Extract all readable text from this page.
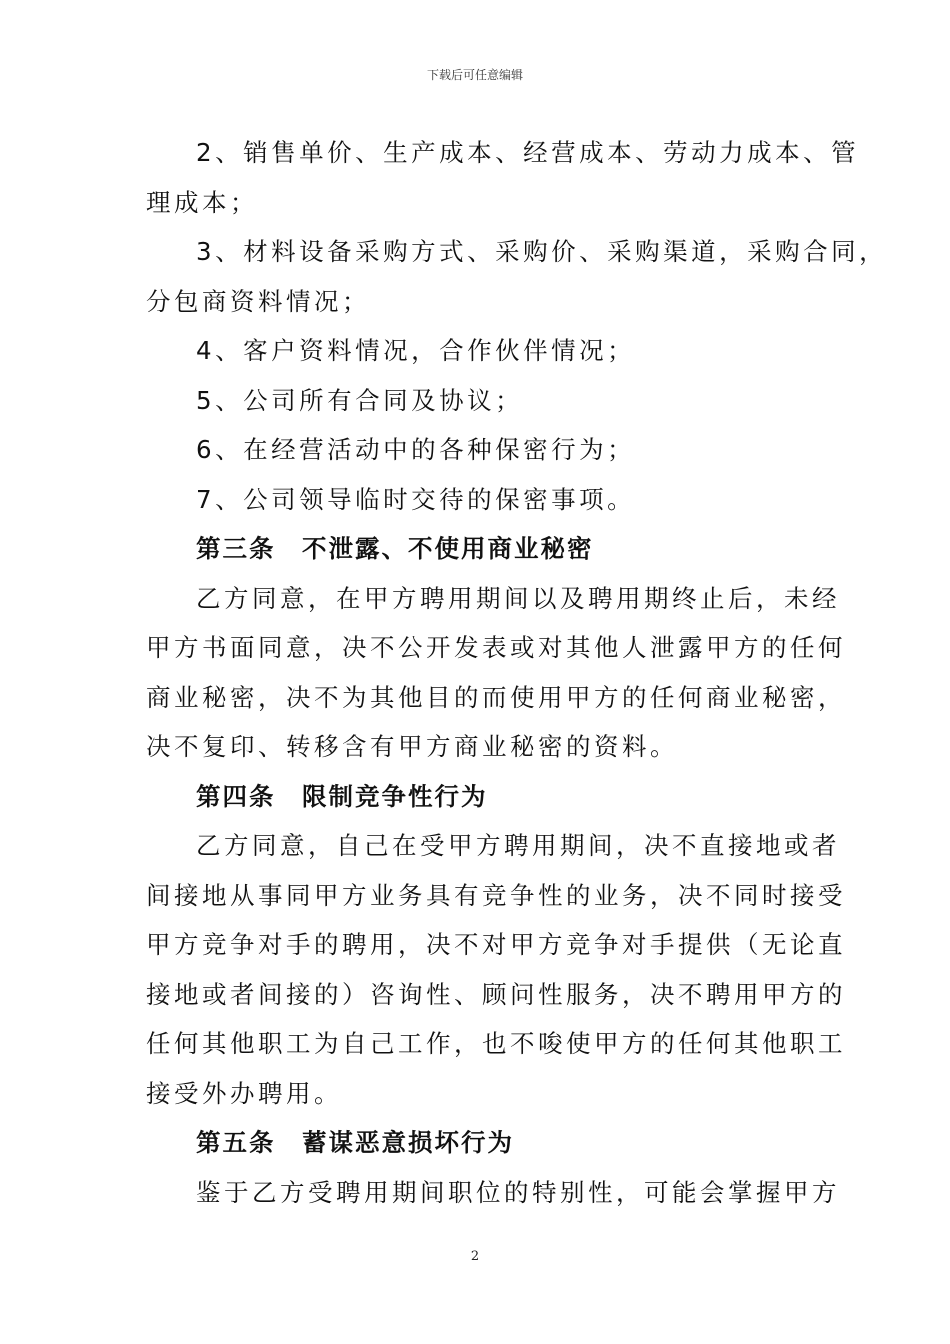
下载后可任意编辑
2、销售单价、生产成本、经营成本、劳动力成本、管
理成本；
3、材料设备采购方式、采购价、采购渠道，采购合同，
分包商资料情况；
4、客户资料情况，合作伙伴情况；
5、公司所有合同及协议；
6、在经营活动中的各种保密行为；
7、公司领导临时交待的保密事项。
第三条　不泄露、不使用商业秘密
乙方同意，在甲方聘用期间以及聘用期终止后，未经
甲方书面同意，决不公开发表或对其他人泄露甲方的任何
商业秘密，决不为其他目的而使用甲方的任何商业秘密，
决不复印、转移含有甲方商业秘密的资料。
第四条　限制竞争性行为
乙方同意，自己在受甲方聘用期间，决不直接地或者
间接地从事同甲方业务具有竞争性的业务，决不同时接受
甲方竞争对手的聘用，决不对甲方竞争对手提供（无论直
接地或者间接的）咨询性、顾问性服务，决不聘用甲方的
任何其他职工为自己工作，也不唆使甲方的任何其他职工
接受外办聘用。
第五条　蓄谋恶意损坏行为
鉴于乙方受聘用期间职位的特别性，可能会掌握甲方
2
